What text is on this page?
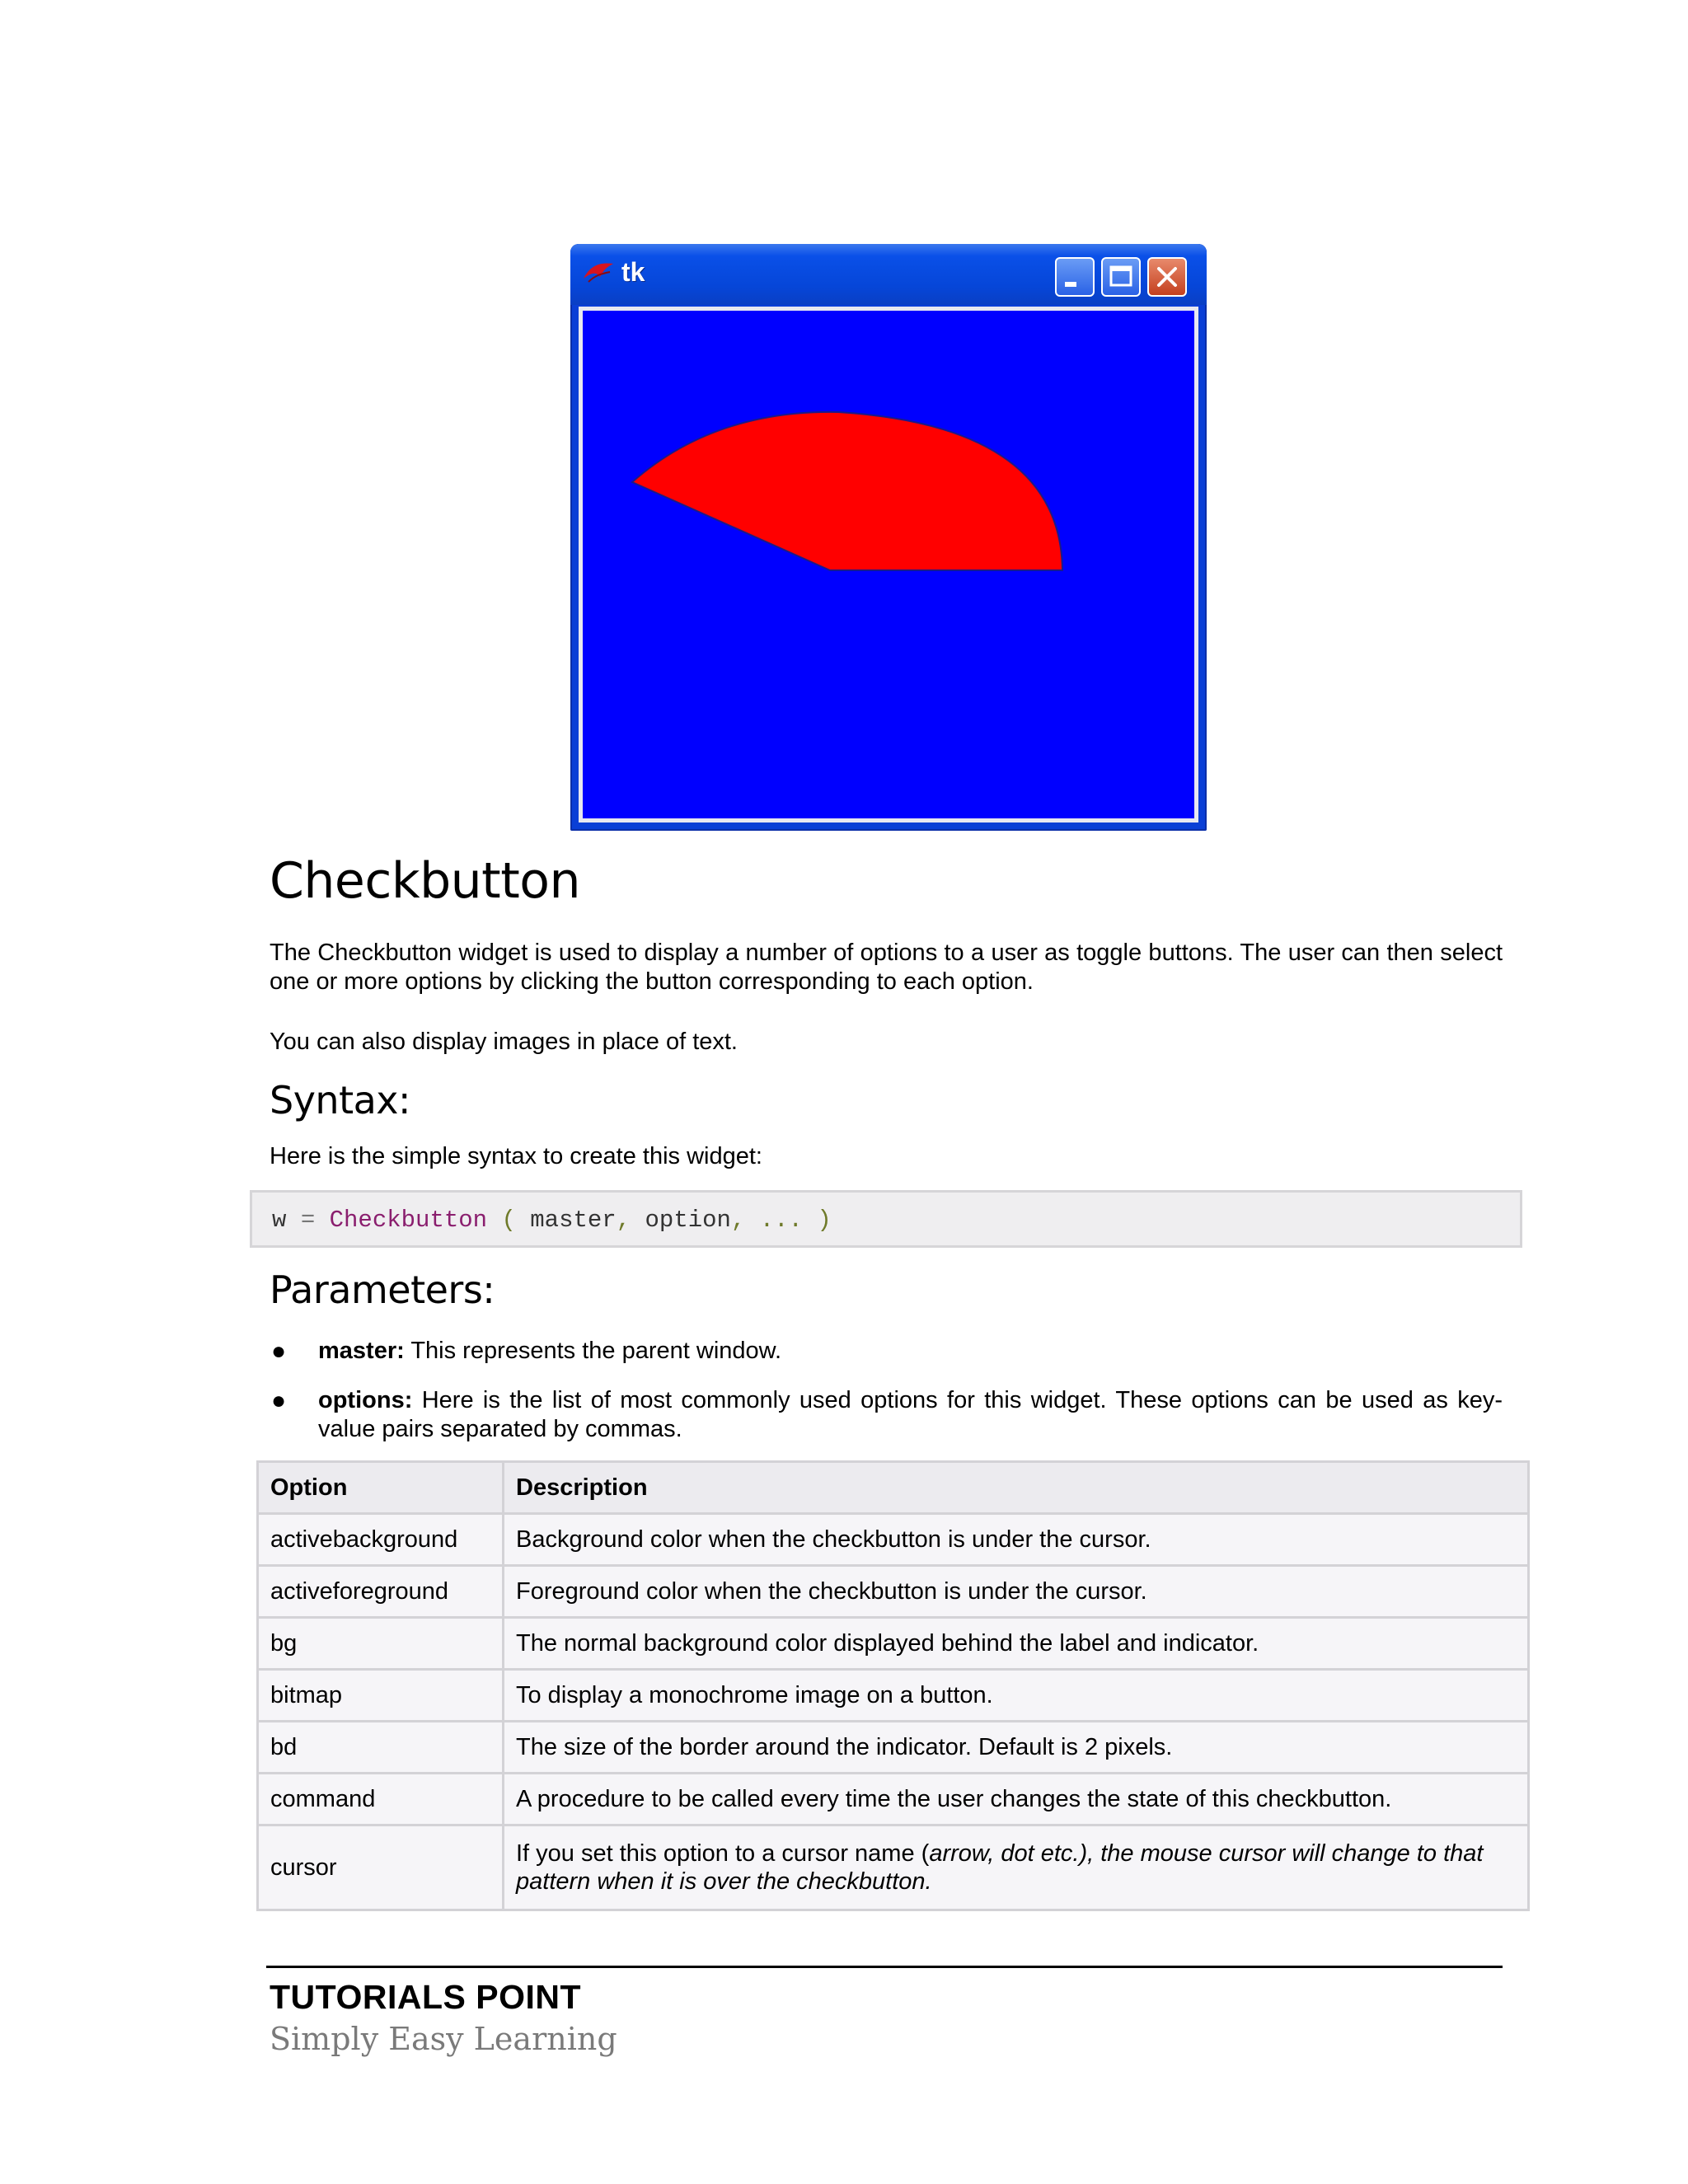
tk
Checkbutton

The Checkbutton widget is used to display a number of options to a user as toggle buttons. The user can then select one or more options by clicking the button corresponding to each option.

You can also display images in place of text.

Syntax:

Here is the simple syntax to create this widget:

w = Checkbutton ( master, option, ... )
Parameters:
● master: This represents the parent window.
● options: Here is the list of most commonly used options for this widget. These options can be used as key-value pairs separated by commas.
Option	Description
activebackground	Background color when the checkbutton is under the cursor.
activeforeground	Foreground color when the checkbutton is under the cursor.
bg	The normal background color displayed behind the label and indicator.
bitmap	To display a monochrome image on a button.
bd	The size of the border around the indicator. Default is 2 pixels.
command	A procedure to be called every time the user changes the state of this checkbutton.
cursor	If you set this option to a cursor name (arrow, dot etc.), the mouse cursor will change to that pattern when it is over the checkbutton.
TUTORIALS POINT
Simply Easy Learning
